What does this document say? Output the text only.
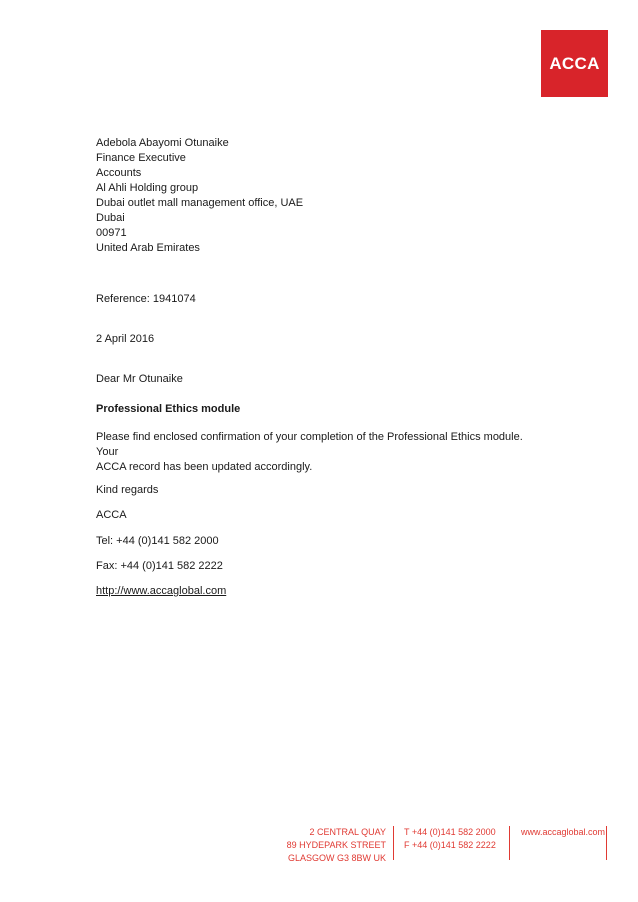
ACCA
Adebola Abayomi Otunaike
Finance Executive
Accounts
Al Ahli Holding group
Dubai outlet mall management office, UAE
Dubai
00971
United Arab Emirates
Reference: 1941074
2 April 2016
Dear Mr Otunaike
Professional Ethics module
Please find enclosed confirmation of your completion of the Professional Ethics module. Your
ACCA record has been updated accordingly.
Kind regards
ACCA
Tel: +44 (0)141 582 2000
Fax: +44 (0)141 582 2222
http://www.accaglobal.com
2 CENTRAL QUAY
89 HYDEPARK STREET
GLASGOW G3 8BW UK
T +44 (0)141 582 2000
F +44 (0)141 582 2222
www.accaglobal.com
